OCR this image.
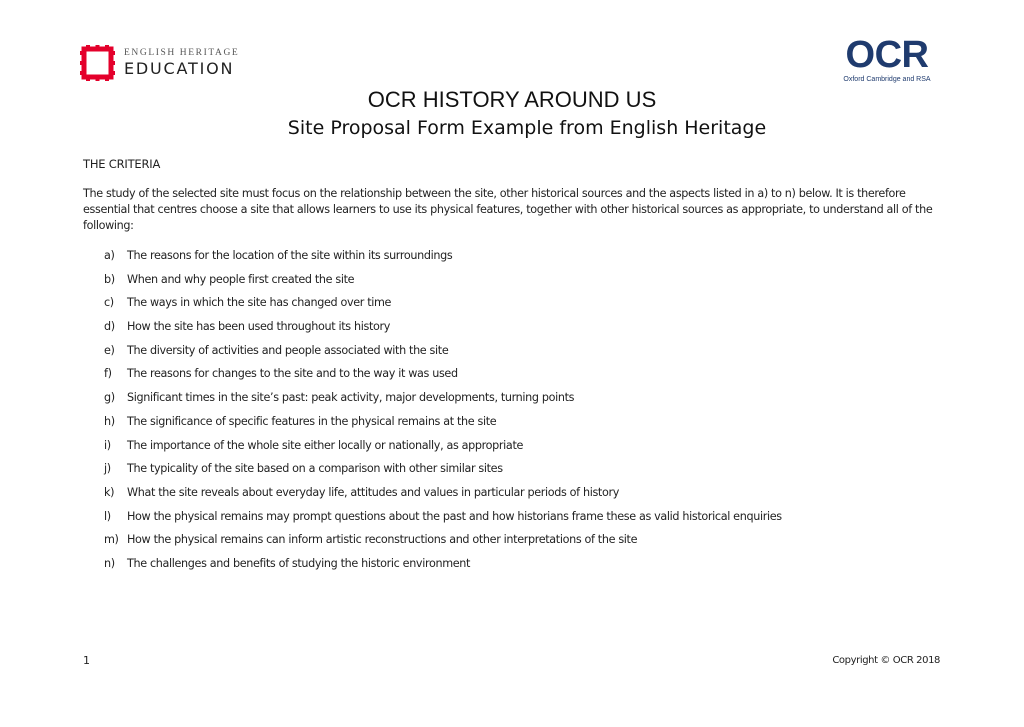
ENGLISH HERITAGE
EDUCATION	OCR
Oxford Cambridge and RSA
OCR HISTORY AROUND US
Site Proposal Form Example from English Heritage
THE CRITERIA
The study of the selected site must focus on the relationship between the site, other historical sources and the aspects listed in a) to n) below. It is therefore essential that centres choose a site that allows learners to use its physical features, together with other historical sources as appropriate, to understand all of the following:
a)	The reasons for the location of the site within its surroundings
b)	When and why people first created the site
c)	The ways in which the site has changed over time
d)	How the site has been used throughout its history
e)	The diversity of activities and people associated with the site
f)	The reasons for changes to the site and to the way it was used
g)	Significant times in the site’s past: peak activity, major developments, turning points
h)	The significance of specific features in the physical remains at the site
i)	The importance of the whole site either locally or nationally, as appropriate
j)	The typicality of the site based on a comparison with other similar sites
k)	What the site reveals about everyday life, attitudes and values in particular periods of history
l)	How the physical remains may prompt questions about the past and how historians frame these as valid historical enquiries
m) How the physical remains can inform artistic reconstructions and other interpretations of the site
n)	The challenges and benefits of studying the historic environment
1	Copyright © OCR 2018
